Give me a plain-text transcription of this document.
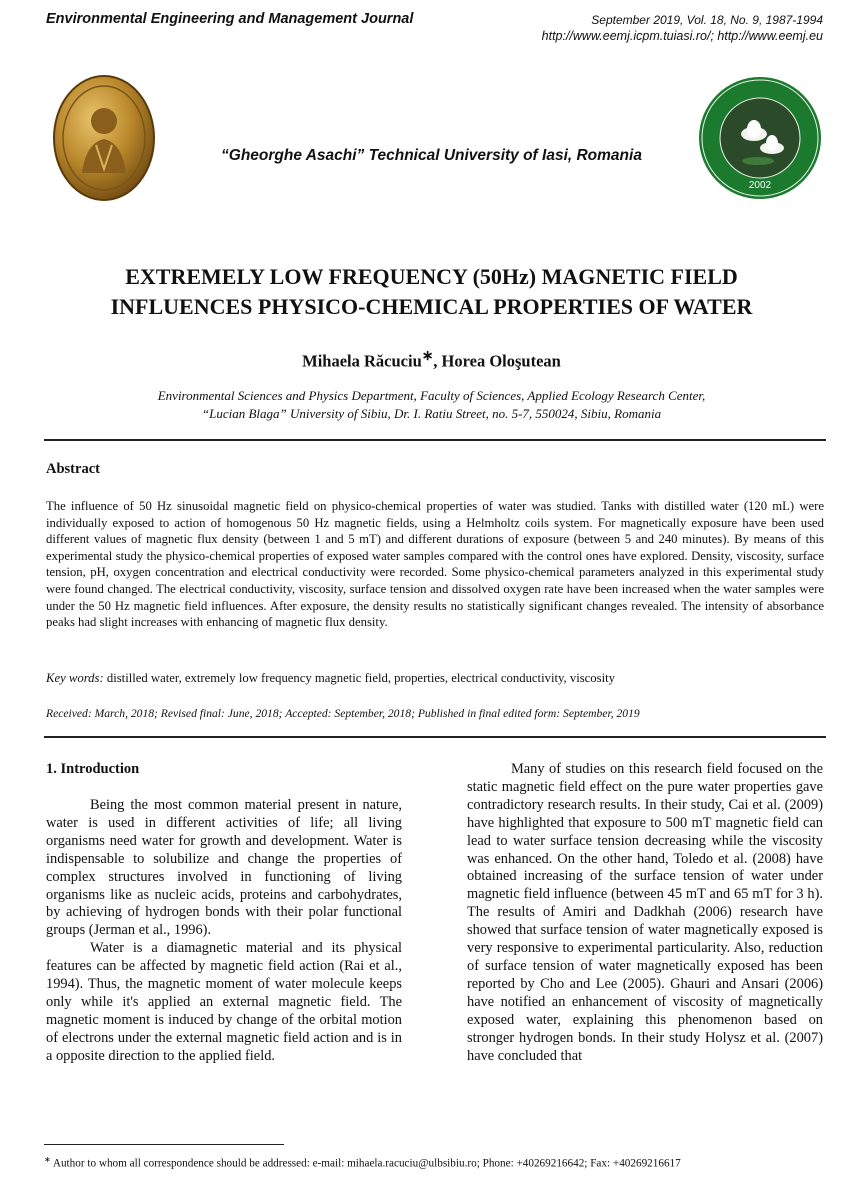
Environmental Engineering and Management Journal	September 2019, Vol. 18, No. 9, 1987-1994
http://www.eemj.icpm.tuiasi.ro/; http://www.eemj.eu
“Gheorghe Asachi” Technical University of Iasi, Romania
2002
EXTREMELY LOW FREQUENCY (50Hz) MAGNETIC FIELD
INFLUENCES PHYSICO-CHEMICAL PROPERTIES OF WATER
Mihaela Răcuciu∗, Horea Oloşutean
Environmental Sciences and Physics Department, Faculty of Sciences, Applied Ecology Research Center,
“Lucian Blaga” University of Sibiu, Dr. I. Ratiu Street, no. 5-7, 550024, Sibiu, Romania
Abstract
The influence of 50 Hz sinusoidal magnetic field on physico-chemical properties of water was studied. Tanks with distilled water (120 mL) were individually exposed to action of homogenous 50 Hz magnetic fields, using a Helmholtz coils system. For magnetically exposure have been used different values of magnetic flux density (between 1 and 5 mT) and different durations of exposure (between 5 and 240 minutes). By means of this experimental study the physico-chemical properties of exposed water samples compared with the control ones have explored. Density, viscosity, surface tension, pH, oxygen concentration and electrical conductivity were recorded. Some physico-chemical parameters analyzed in this experimental study were found changed. The electrical conductivity, viscosity, surface tension and dissolved oxygen rate have been increased when the water samples were under the 50 Hz magnetic field influences. After exposure, the density results no statistically significant changes revealed. The intensity of absorbance peaks had slight increases with enhancing of magnetic flux density.
Key words: distilled water, extremely low frequency magnetic field, properties, electrical conductivity, viscosity
Received: March, 2018; Revised final: June, 2018; Accepted: September, 2018; Published in final edited form: September, 2019
1. Introduction

Being the most common material present in nature, water is used in different activities of life; all living organisms need water for growth and development. Water is indispensable to solubilize and change the properties of complex structures involved in functioning of living organisms like as nucleic acids, proteins and carbohydrates, by achieving of hydrogen bonds with their polar functional groups (Jerman et al., 1996).

Water is a diamagnetic material and its physical features can be affected by magnetic field action (Rai et al., 1994). Thus, the magnetic moment of water molecule keeps only while it's applied an external magnetic field. The magnetic moment is induced by change of the orbital motion of electrons under the external magnetic field action and is in a opposite direction to the applied field.

Many of studies on this research field focused on the static magnetic field effect on the pure water properties gave contradictory research results. In their study, Cai et al. (2009) have highlighted that exposure to 500 mT magnetic field can lead to water surface tension decreasing while the viscosity was enhanced. On the other hand, Toledo et al. (2008) have obtained increasing of the surface tension of water under magnetic field influence (between 45 mT and 65 mT for 3 h). The results of Amiri and Dadkhah (2006) research have showed that surface tension of water magnetically exposed is very responsive to experimental particularity. Also, reduction of surface tension of water magnetically exposed has been reported by Cho and Lee (2005). Ghauri and Ansari (2006) have notified an enhancement of viscosity of magnetically exposed water, explaining this phenomenon based on stronger hydrogen bonds. In their study Holysz et al. (2007) have concluded that

∗ Author to whom all correspondence should be addressed: e-mail: mihaela.racuciu@ulbsibiu.ro; Phone: +40269216642; Fax: +40269216617
